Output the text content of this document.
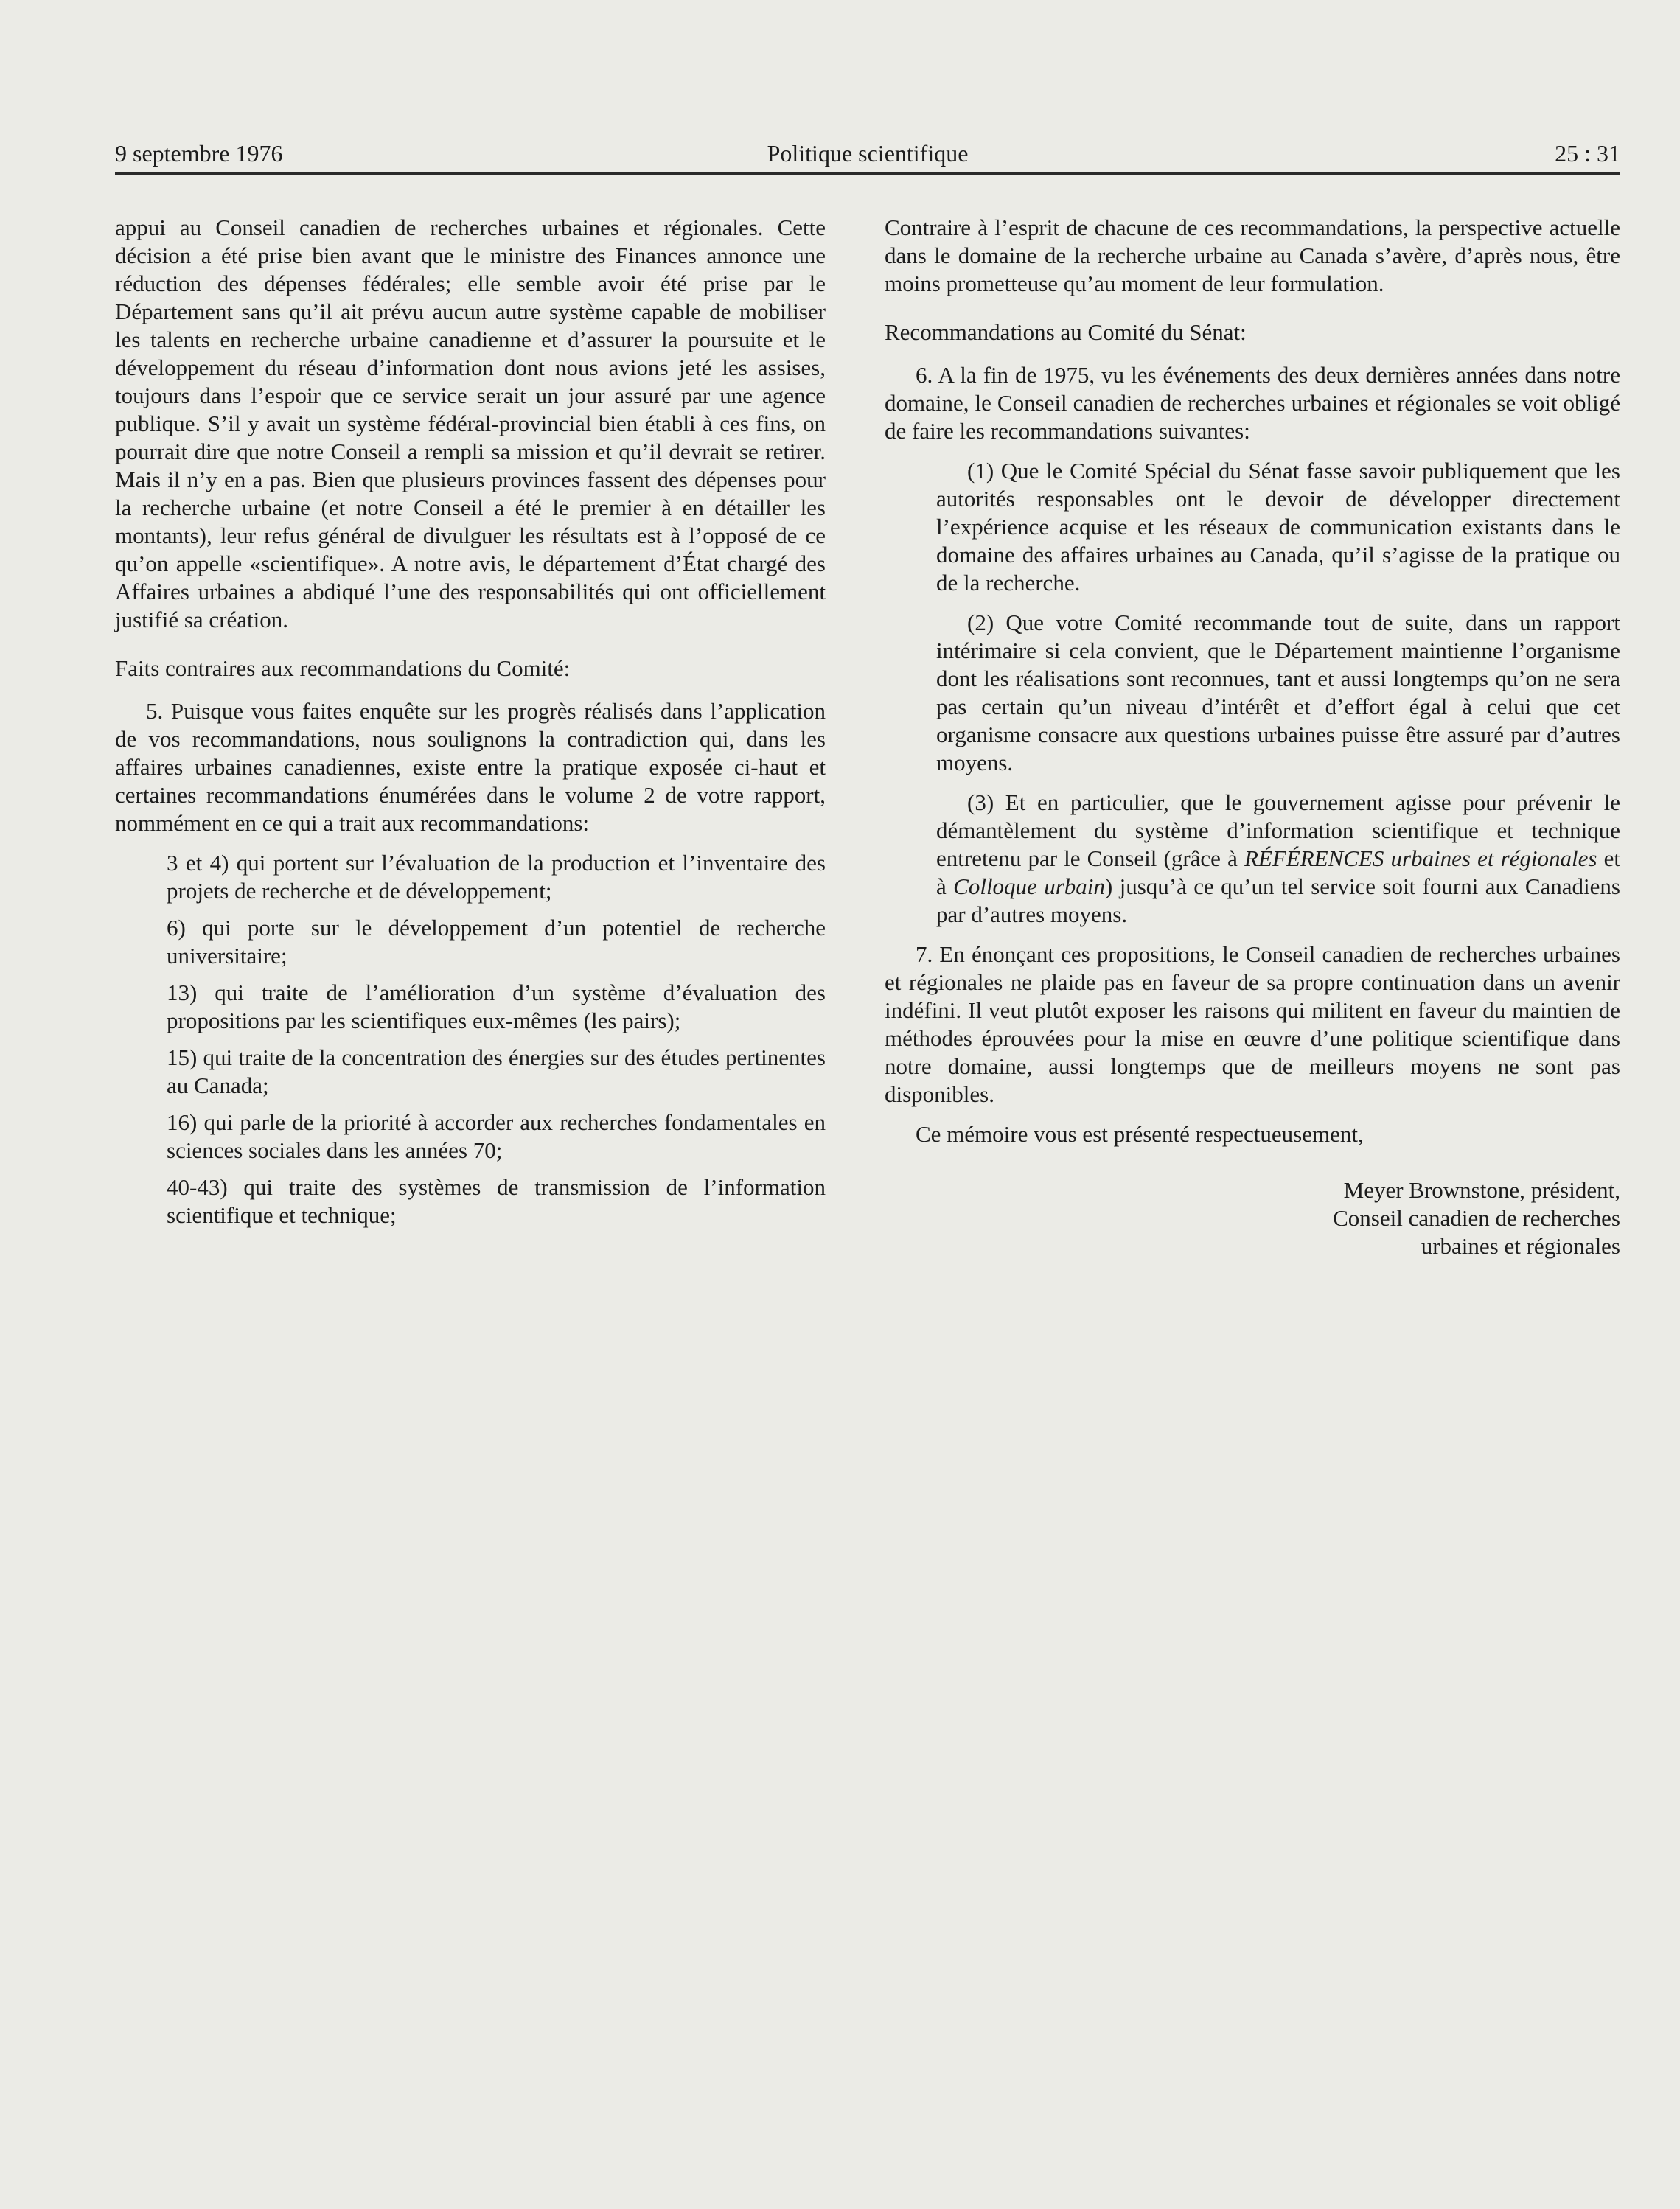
9 septembre 1976	Politique scientifique	25 : 31

appui au Conseil canadien de recherches urbaines et régionales. Cette décision a été prise bien avant que le ministre des Finances annonce une réduction des dépenses fédérales; elle semble avoir été prise par le Département sans qu’il ait prévu aucun autre système capable de mobiliser les talents en recherche urbaine canadienne et d’assurer la poursuite et le développement du réseau d’information dont nous avions jeté les assises, toujours dans l’espoir que ce service serait un jour assuré par une agence publique. S’il y avait un système fédéral-provincial bien établi à ces fins, on pourrait dire que notre Conseil a rempli sa mission et qu’il devrait se retirer. Mais il n’y en a pas. Bien que plusieurs provinces fassent des dépenses pour la recherche urbaine (et notre Conseil a été le premier à en détailler les montants), leur refus général de divulguer les résultats est à l’opposé de ce qu’on appelle «scientifique». A notre avis, le département d’État chargé des Affaires urbaines a abdiqué l’une des responsabilités qui ont officiellement justifié sa création.

Faits contraires aux recommandations du Comité:

5. Puisque vous faites enquête sur les progrès réalisés dans l’application de vos recommandations, nous soulignons la contradiction qui, dans les affaires urbaines canadiennes, existe entre la pratique exposée ci-haut et certaines recommandations énumérées dans le volume 2 de votre rapport, nommément en ce qui a trait aux recommandations:

3 et 4) qui portent sur l’évaluation de la production et l’inventaire des projets de recherche et de développement;

6) qui porte sur le développement d’un potentiel de recherche universitaire;

13) qui traite de l’amélioration d’un système d’évaluation des propositions par les scientifiques eux-mêmes (les pairs);

15) qui traite de la concentration des énergies sur des études pertinentes au Canada;

16) qui parle de la priorité à accorder aux recherches fondamentales en sciences sociales dans les années 70;

40-43) qui traite des systèmes de transmission de l’information scientifique et technique;

Contraire à l’esprit de chacune de ces recommandations, la perspective actuelle dans le domaine de la recherche urbaine au Canada s’avère, d’après nous, être moins prometteuse qu’au moment de leur formulation.

Recommandations au Comité du Sénat:

6. A la fin de 1975, vu les événements des deux dernières années dans notre domaine, le Conseil canadien de recherches urbaines et régionales se voit obligé de faire les recommandations suivantes:

(1) Que le Comité Spécial du Sénat fasse savoir publiquement que les autorités responsables ont le devoir de développer directement l’expérience acquise et les réseaux de communication existants dans le domaine des affaires urbaines au Canada, qu’il s’agisse de la pratique ou de la recherche.

(2) Que votre Comité recommande tout de suite, dans un rapport intérimaire si cela convient, que le Département maintienne l’organisme dont les réalisations sont reconnues, tant et aussi longtemps qu’on ne sera pas certain qu’un niveau d’intérêt et d’effort égal à celui que cet organisme consacre aux questions urbaines puisse être assuré par d’autres moyens.

(3) Et en particulier, que le gouvernement agisse pour prévenir le démantèlement du système d’information scientifique et technique entretenu par le Conseil (grâce à RÉFÉRENCES urbaines et régionales et à Colloque urbain) jusqu’à ce qu’un tel service soit fourni aux Canadiens par d’autres moyens.

7. En énonçant ces propositions, le Conseil canadien de recherches urbaines et régionales ne plaide pas en faveur de sa propre continuation dans un avenir indéfini. Il veut plutôt exposer les raisons qui militent en faveur du maintien de méthodes éprouvées pour la mise en œuvre d’une politique scientifique dans notre domaine, aussi longtemps que de meilleurs moyens ne sont pas disponibles.

Ce mémoire vous est présenté respectueusement,

Meyer Brownstone, président,
Conseil canadien de recherches
urbaines et régionales
